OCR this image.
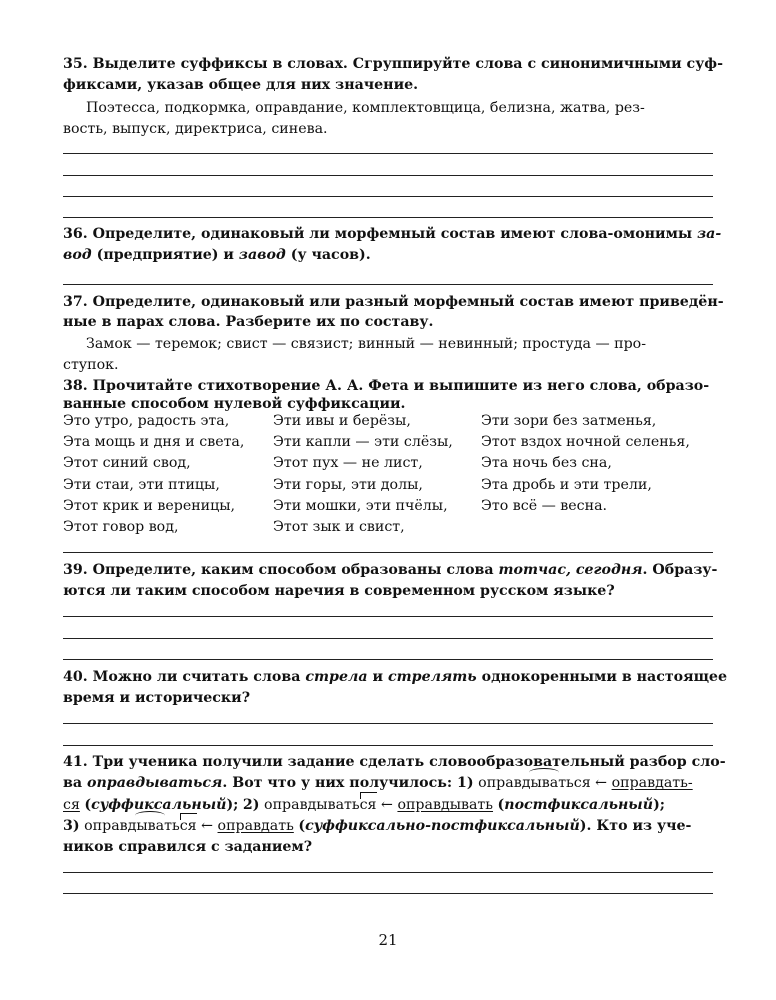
35. Выделите суффиксы в словах. Сгруппируйте слова с синонимичными суф-

фиксами, указав общее для них значение.

Поэтесса, подкормка, оправдание, комплектовщица, белизна, жатва, рез-

вость, выпуск, директриса, синева.

36. Определите, одинаковый ли морфемный состав имеют слова-омонимы за-

вод (предприятие) и завод (у часов).

37. Определите, одинаковый или разный морфемный состав имеют приведён-

ные в парах слова. Разберите их по составу.

Замок — теремок; свист — связист; винный — невинный; простуда — про-

ступок.

38. Прочитайте стихотворение А. А. Фета и выпишите из него слова, образо-

ванные способом нулевой суффиксации.

Это утро, радость эта,
Эта мощь и дня и света,
Этот синий свод,
Эти стаи, эти птицы,
Этот крик и вереницы,
Этот говор вод,
Эти ивы и берёзы,
Эти капли — эти слёзы,
Этот пух — не лист,
Эти горы, эти долы,
Эти мошки, эти пчёлы,
Этот зык и свист,
Эти зори без затменья,
Этот вздох ночной селенья,
Эта ночь без сна,
Эта дробь и эти трели,
Это всё — весна.

39. Определите, каким способом образованы слова тотчас, сегодня. Образу-

ются ли таким способом наречия в современном русском языке?

40. Можно ли считать слова стрела и стрелять однокоренными в настоящее

время и исторически?

41. Три ученика получили задание сделать словообразовательный разбор сло-

ва оправдываться. Вот что у них получилось: 1) оправдываться ← оправдать-

ся (суффиксальный); 2) оправдываться ← оправдывать (постфиксальный);

3) оправдываться ← оправдать (суффиксально-постфиксальный). Кто из уче-

ников справился с заданием?

21
